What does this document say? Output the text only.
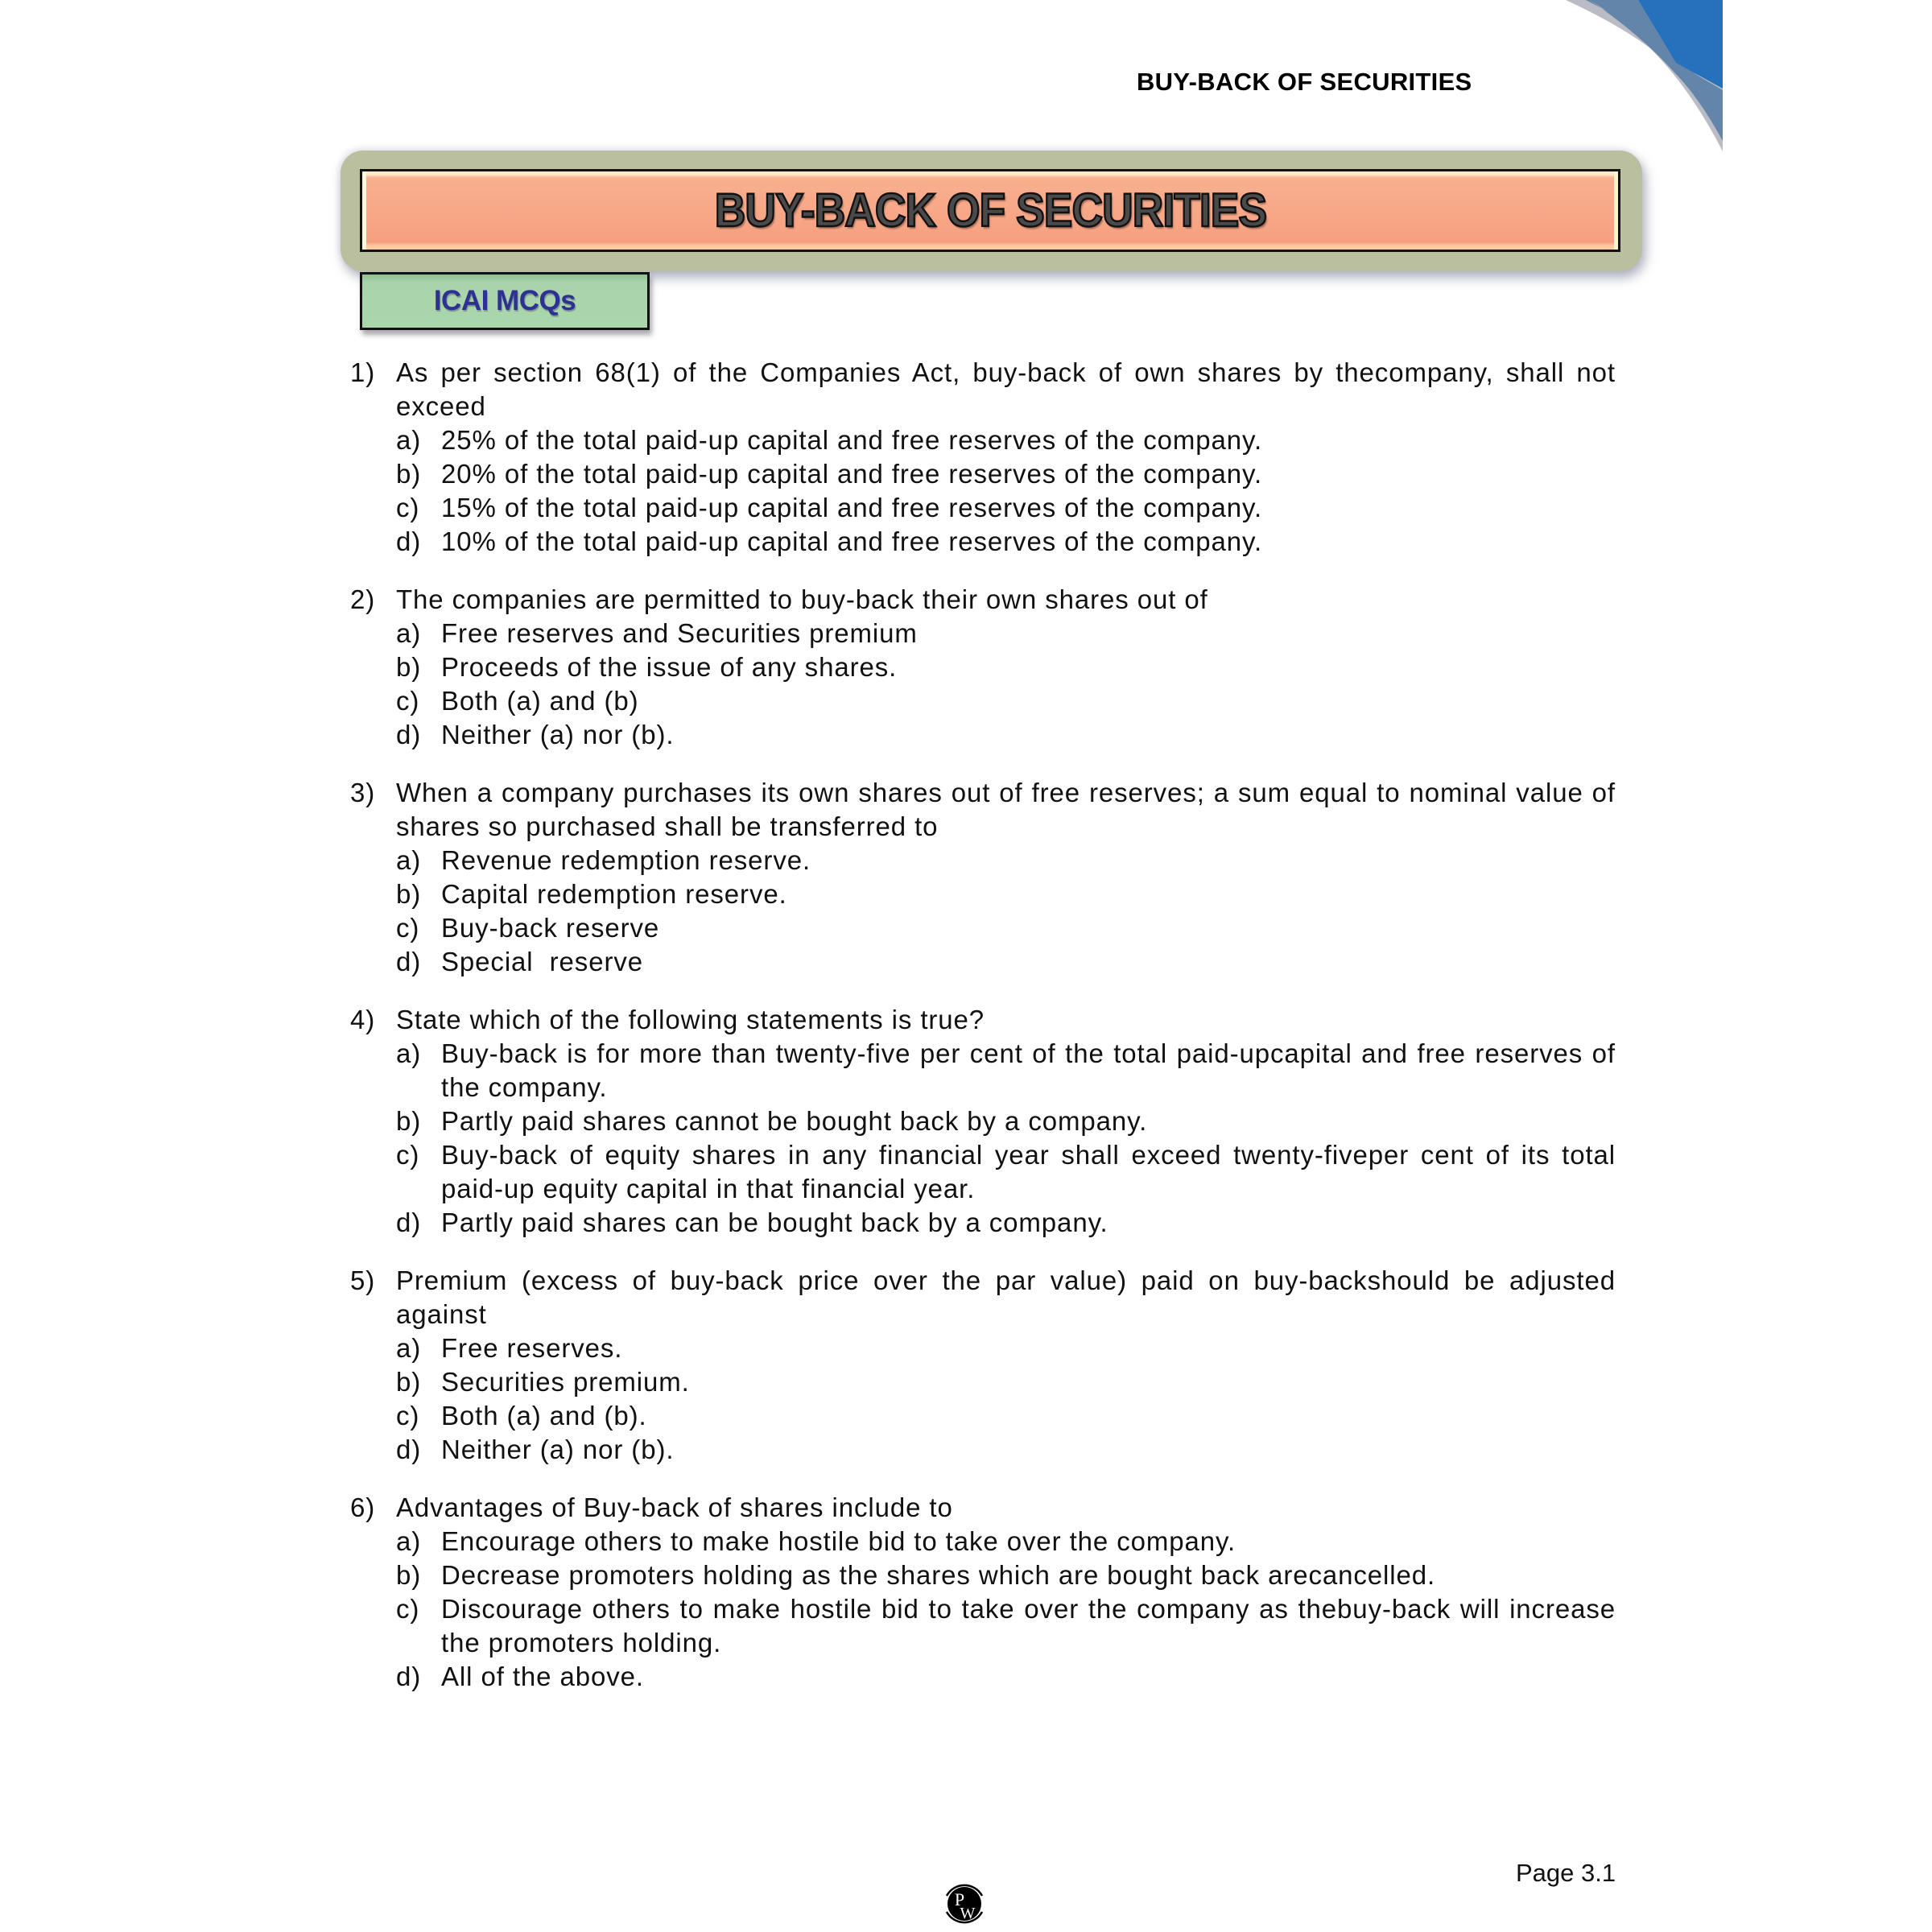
BUY-BACK OF SECURITIES
BUY-BACK OF SECURITIES
ICAI MCQs
1) As per section 68(1) of the Companies Act, buy-back of own shares by thecompany, shall not exceed
a) 25% of the total paid-up capital and free reserves of the company.
b) 20% of the total paid-up capital and free reserves of the company.
c) 15% of the total paid-up capital and free reserves of the company.
d) 10% of the total paid-up capital and free reserves of the company.
2) The companies are permitted to buy-back their own shares out of
a) Free reserves and Securities premium
b) Proceeds of the issue of any shares.
c) Both (a) and (b)
d) Neither (a) nor (b).
3) When a company purchases its own shares out of free reserves; a sum equal to nominal value of shares so purchased shall be transferred to
a) Revenue redemption reserve.
b) Capital redemption reserve.
c) Buy-back reserve
d) Special  reserve
4) State which of the following statements is true?
a) Buy-back is for more than twenty-five per cent of the total paid-upcapital and free reserves of the company.
b) Partly paid shares cannot be bought back by a company.
c) Buy-back of equity shares in any financial year shall exceed twenty-fiveper cent of its total paid-up equity capital in that financial year.
d) Partly paid shares can be bought back by a company.
5) Premium (excess of buy-back price over the par value) paid on buy-backshould be adjusted against
a) Free reserves.
b) Securities premium.
c) Both (a) and (b).
d) Neither (a) nor (b).
6) Advantages of Buy-back of shares include to
a) Encourage others to make hostile bid to take over the company.
b) Decrease promoters holding as the shares which are bought back arecancelled.
c) Discourage others to make hostile bid to take over the company as thebuy-back will increase the promoters holding.
d) All of the above.
P
W
Page 3.1
